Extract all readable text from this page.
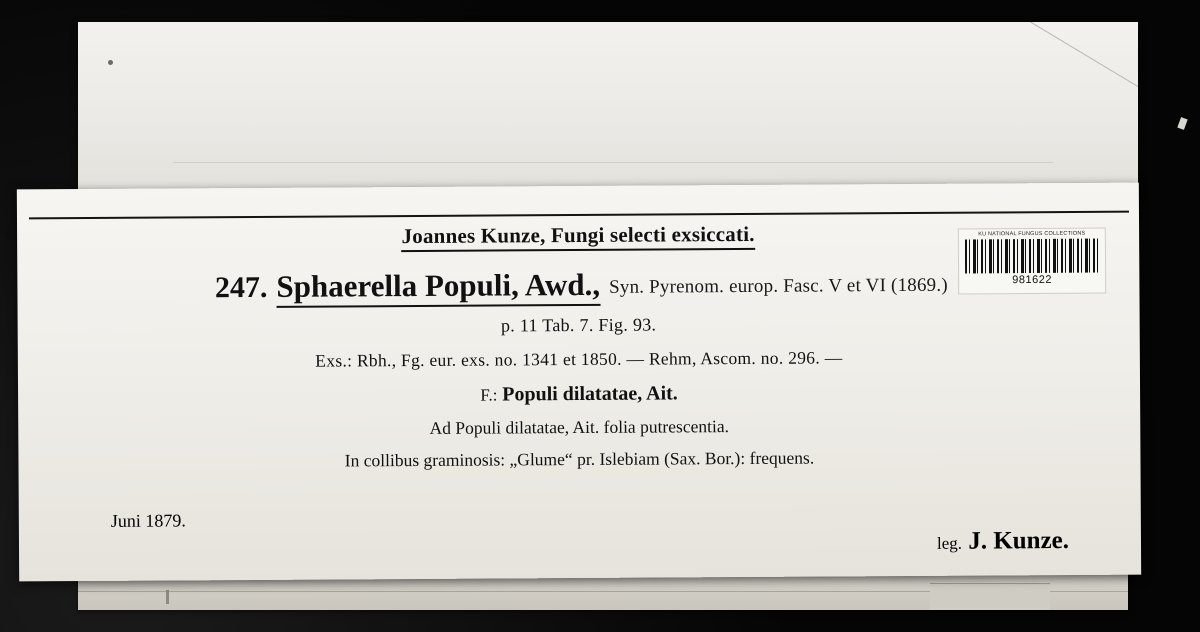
Joannes Kunze, Fungi selecti exsiccati.
247. Sphaerella Populi, Awd., Syn. Pyrenom. europ. Fasc. V et VI (1869.)
p. 11 Tab. 7. Fig. 93.
Exs.: Rbh., Fg. eur. exs. no. 1341 et 1850. — Rehm, Ascom. no. 296. —
F.: Populi dilatatae, Ait.
Ad Populi dilatatae, Ait. folia putrescentia.
In collibus graminosis: „Glume“ pr. Islebiam (Sax. Bor.): frequens.
Juni 1879.
leg. J. Kunze.
KU NATIONAL FUNGUS COLLECTIONS
981622
